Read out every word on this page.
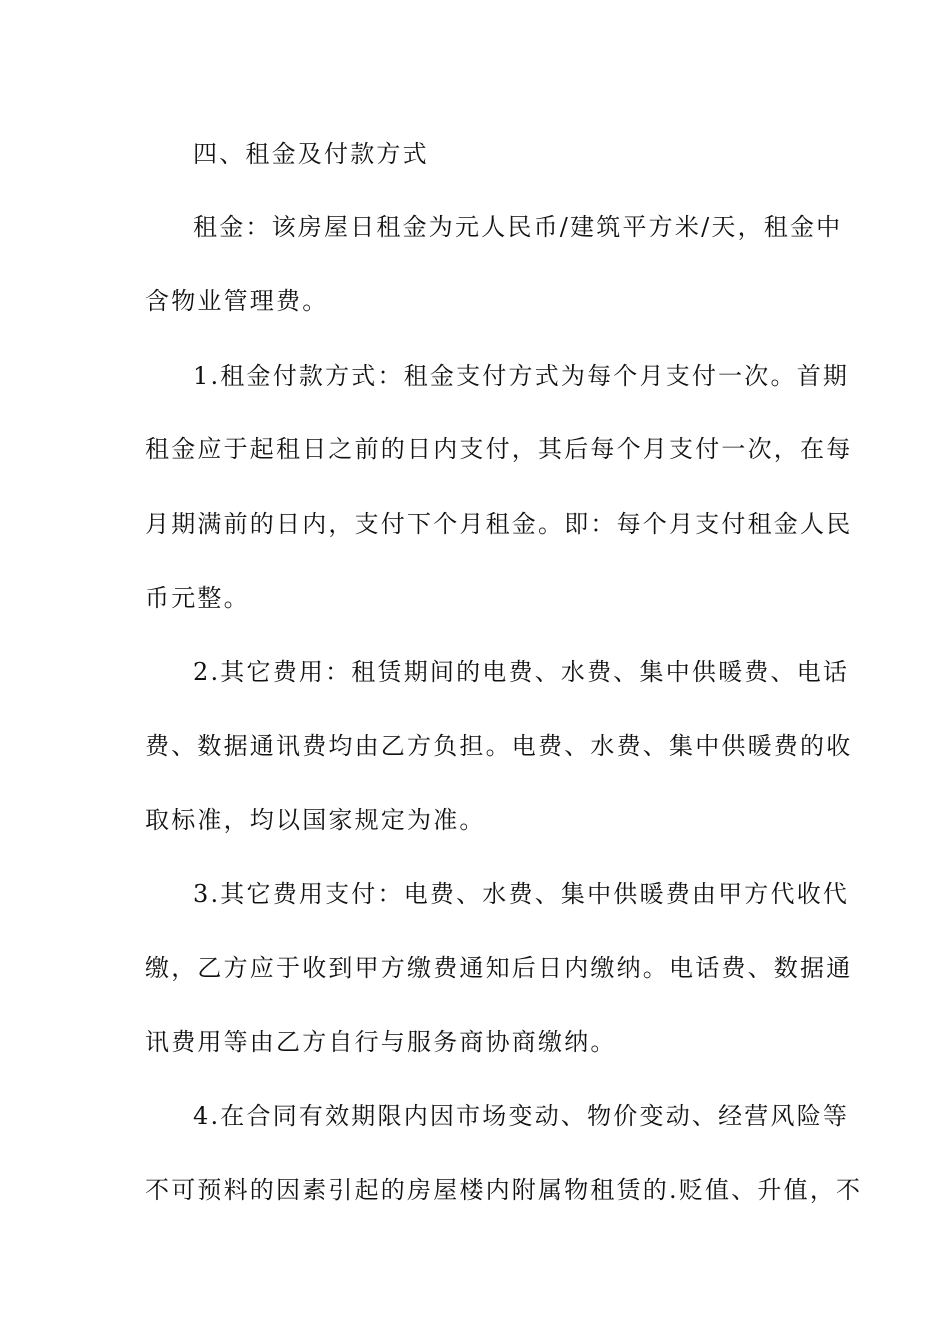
四、租金及付款方式
租金：该房屋日租金为元人民币/建筑平方米/天，租金中
含物业管理费。
1.租金付款方式：租金支付方式为每个月支付一次。首期
租金应于起租日之前的日内支付，其后每个月支付一次，在每
月期满前的日内，支付下个月租金。即：每个月支付租金人民
币元整。
2.其它费用：租赁期间的电费、水费、集中供暖费、电话
费、数据通讯费均由乙方负担。电费、水费、集中供暖费的收
取标准，均以国家规定为准。
3.其它费用支付：电费、水费、集中供暖费由甲方代收代
缴，乙方应于收到甲方缴费通知后日内缴纳。电话费、数据通
讯费用等由乙方自行与服务商协商缴纳。
4.在合同有效期限内因市场变动、物价变动、经营风险等
不可预料的因素引起的房屋楼内附属物租赁的.贬值、升值，不
